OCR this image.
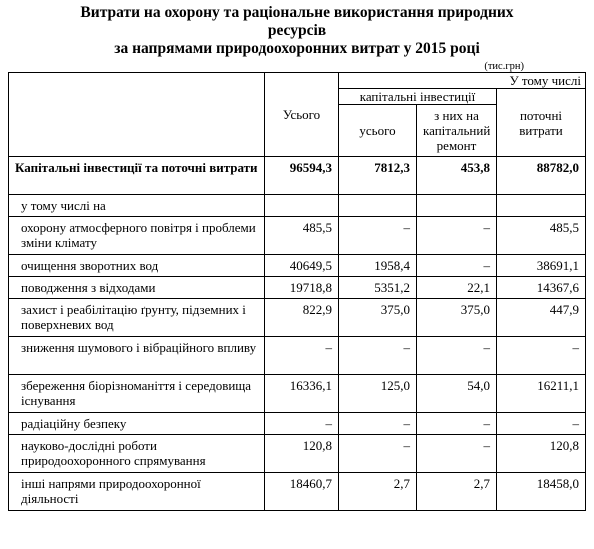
Витрати на охорону та раціональне використання природних ресурсів
за напрямами природоохоронних витрат у 2015 році
(тис.грн)
	Усього	У тому числі		
		капітальні інвестиції		поточні витрати
		усього	з них на капітальний ремонт	
Капітальні інвестиції та поточні витрати	96594,3	7812,3	453,8	88782,0
у тому числі на				
охорону атмосферного повітря і проблеми зміни клімату	485,5	–	–	485,5
очищення зворотних вод	40649,5	1958,4	–	38691,1
поводження з відходами	19718,8	5351,2	22,1	14367,6
захист і реабілітацію ґрунту, підземних і поверхневих вод	822,9	375,0	375,0	447,9
зниження шумового і вібраційного впливу	–	–	–	–
збереження біорізноманіття і середовища існування	16336,1	125,0	54,0	16211,1
радіаційну безпеку	–	–	–	–
науково-дослідні роботи природоохоронного спрямування	120,8	–	–	120,8
інші напрями природоохоронної діяльності	18460,7	2,7	2,7	18458,0
